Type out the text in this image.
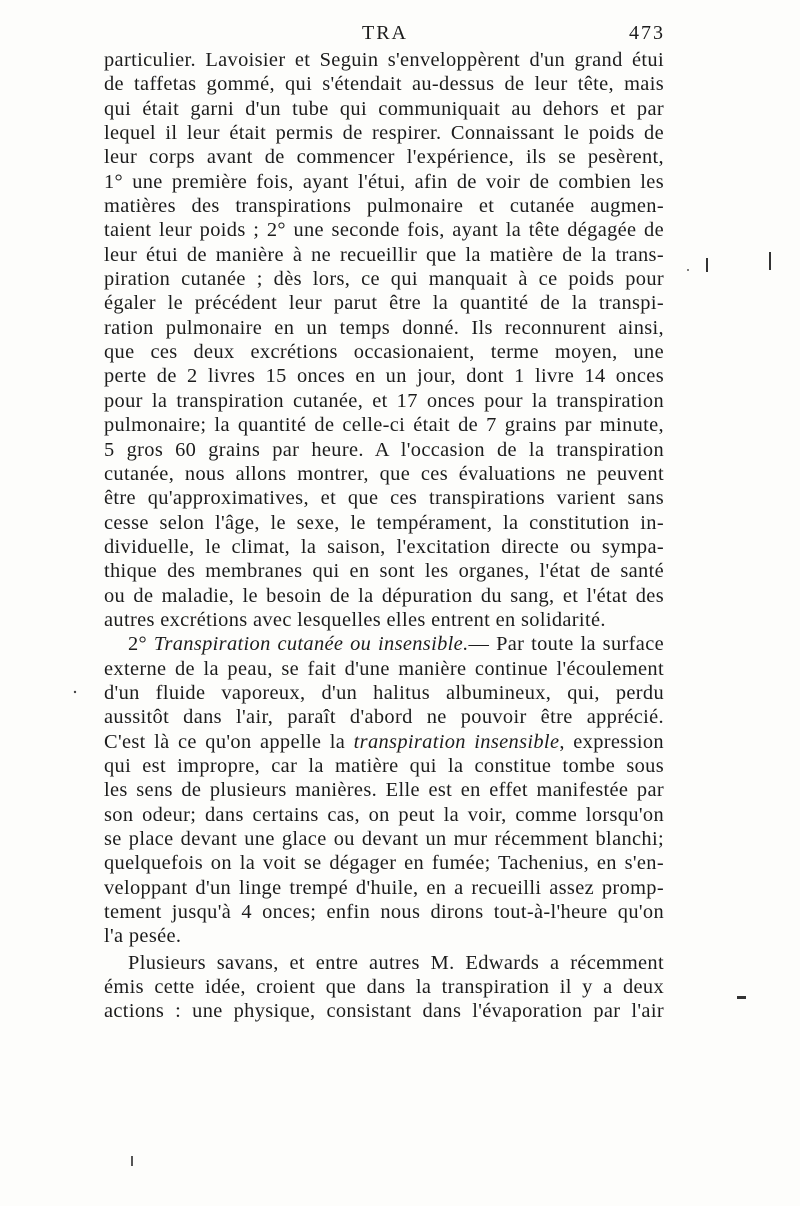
TRA	473
particulier. Lavoisier et Seguin s'enveloppèrent d'un grand étui
de taffetas gommé, qui s'étendait au-dessus de leur tête, mais
qui était garni d'un tube qui communiquait au dehors et par
lequel il leur était permis de respirer. Connaissant le poids de
leur corps avant de commencer l'expérience, ils se pesèrent,
1° une première fois, ayant l'étui, afin de voir de combien les
matières des transpirations pulmonaire et cutanée augmen-
taient leur poids ; 2° une seconde fois, ayant la tête dégagée de
leur étui de manière à ne recueillir que la matière de la trans-
piration cutanée ; dès lors, ce qui manquait à ce poids pour
égaler le précédent leur parut être la quantité de la transpi-
ration pulmonaire en un temps donné. Ils reconnurent ainsi,
que ces deux excrétions occasionaient, terme moyen, une
perte de 2 livres 15 onces en un jour, dont 1 livre 14 onces
pour la transpiration cutanée, et 17 onces pour la transpiration
pulmonaire; la quantité de celle-ci était de 7 grains par minute,
5 gros 60 grains par heure. A l'occasion de la transpiration
cutanée, nous allons montrer, que ces évaluations ne peuvent
être qu'approximatives, et que ces transpirations varient sans
cesse selon l'âge, le sexe, le tempérament, la constitution in-
dividuelle, le climat, la saison, l'excitation directe ou sympa-
thique des membranes qui en sont les organes, l'état de santé
ou de maladie, le besoin de la dépuration du sang, et l'état des
autres excrétions avec lesquelles elles entrent en solidarité.
2° Transpiration cutanée ou insensible.— Par toute la surface
externe de la peau, se fait d'une manière continue l'écoulement
d'un fluide vaporeux, d'un halitus albumineux, qui, perdu
aussitôt dans l'air, paraît d'abord ne pouvoir être apprécié.
C'est là ce qu'on appelle la transpiration insensible, expression
qui est impropre, car la matière qui la constitue tombe sous
les sens de plusieurs manières. Elle est en effet manifestée par
son odeur; dans certains cas, on peut la voir, comme lorsqu'on
se place devant une glace ou devant un mur récemment blanchi;
quelquefois on la voit se dégager en fumée; Tachenius, en s'en-
veloppant d'un linge trempé d'huile, en a recueilli assez promp-
tement jusqu'à 4 onces; enfin nous dirons tout-à-l'heure qu'on
l'a pesée.
Plusieurs savans, et entre autres M. Edwards a récemment
émis cette idée, croient que dans la transpiration il y a deux
actions : une physique, consistant dans l'évaporation par l'air
